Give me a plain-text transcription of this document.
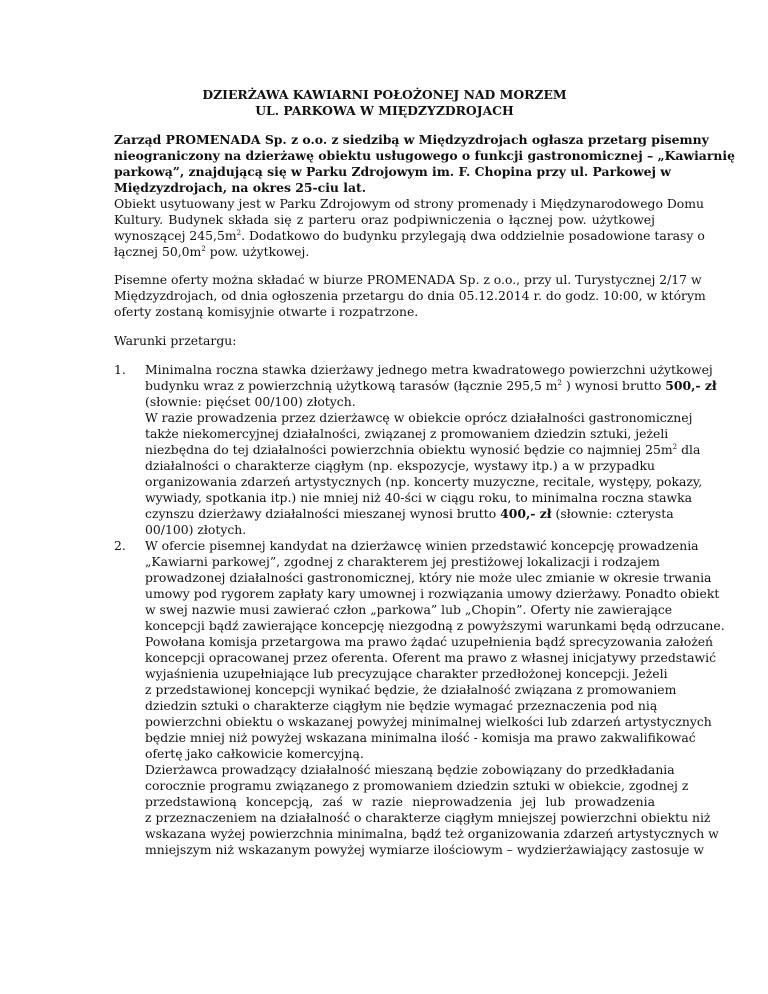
DZIERŻAWA KAWIARNI POŁOŻONEJ NAD MORZEM
UL. PARKOWA W MIĘDZYZDROJACH
Zarząd PROMENADA Sp. z o.o. z siedzibą w Międzyzdrojach ogłasza przetarg pisemny
nieograniczony na dzierżawę obiektu usługowego o funkcji gastronomicznej – „Kawiarnię
parkową”, znajdującą się w Parku Zdrojowym im. F. Chopina przy ul. Parkowej w
Międzyzdrojach, na okres 25-ciu lat.
Obiekt usytuowany jest w Parku Zdrojowym od strony promenady i Międzynarodowego Domu
Kultury. Budynek składa się z parteru oraz podpiwniczenia o łącznej pow. użytkowej
wynoszącej $245,5m^2$. Dodatkowo do budynku przylegają dwa oddzielnie posadowione tarasy o
łącznej $50,0m^2$ pow. użytkowej.
Pisemne oferty można składać w biurze PROMENADA Sp. z o.o., przy ul. Turystycznej 2/17 w
Międzyzdrojach, od dnia ogłoszenia przetargu do dnia 05.12.2014 r. do godz. 10:00, w którym
oferty zostaną komisyjnie otwarte i rozpatrzone.
Warunki przetargu:
1. Minimalna roczna stawka dzierżawy jednego metra kwadratowego powierzchni użytkowej
budynku wraz z powierzchnią użytkową tarasów (łącznie 295,5 $m^2$ ) wynosi brutto 500,- zł
(słownie: pięćset 00/100) złotych.
W razie prowadzenia przez dzierżawcę w obiekcie oprócz działalności gastronomicznej
także niekomercyjnej działalności, związanej z promowaniem dziedzin sztuki, jeżeli
niezbędna do tej działalności powierzchnia obiektu wynosić będzie co najmniej $25m^2$ dla
działalności o charakterze ciągłym (np. ekspozycje, wystawy itp.) a w przypadku
organizowania zdarzeń artystycznych (np. koncerty muzyczne, recitale, występy, pokazy,
wywiady, spotkania itp.) nie mniej niż 40-ści w ciągu roku, to minimalna roczna stawka
czynszu dzierżawy działalności mieszanej wynosi brutto 400,- zł (słownie: czterysta
00/100) złotych.
2. W ofercie pisemnej kandydat na dzierżawcę winien przedstawić koncepcję prowadzenia
„Kawiarni parkowej”, zgodnej z charakterem jej prestiżowej lokalizacji i rodzajem
prowadzonej działalności gastronomicznej, który nie może ulec zmianie w okresie trwania
umowy pod rygorem zapłaty kary umownej i rozwiązania umowy dzierżawy. Ponadto obiekt
w swej nazwie musi zawierać człon „parkowa” lub „Chopin”. Oferty nie zawierające
koncepcji bądź zawierające koncepcję niezgodną z powyższymi warunkami będą odrzucane.
Powołana komisja przetargowa ma prawo żądać uzupełnienia bądź sprecyzowania założeń
koncepcji opracowanej przez oferenta. Oferent ma prawo z własnej inicjatywy przedstawić
wyjaśnienia uzupełniające lub precyzujące charakter przedłożonej koncepcji. Jeżeli
z przedstawionej koncepcji wynikać będzie, że działalność związana z promowaniem
dziedzin sztuki o charakterze ciągłym nie będzie wymagać przeznaczenia pod nią
powierzchni obiektu o wskazanej powyżej minimalnej wielkości lub zdarzeń artystycznych
będzie mniej niż powyżej wskazana minimalna ilość - komisja ma prawo zakwalifikować
ofertę jako całkowicie komercyjną.
Dzierżawca prowadzący działalność mieszaną będzie zobowiązany do przedkładania
corocznie programu związanego z promowaniem dziedzin sztuki w obiekcie, zgodnej z
przedstawioną koncepcją, zaś w razie nieprowadzenia jej lub prowadzenia
z przeznaczeniem na działalność o charakterze ciągłym mniejszej powierzchni obiektu niż
wskazana wyżej powierzchnia minimalna, bądź też organizowania zdarzeń artystycznych w
mniejszym niż wskazanym powyżej wymiarze ilościowym – wydzierżawiający zastosuje w
